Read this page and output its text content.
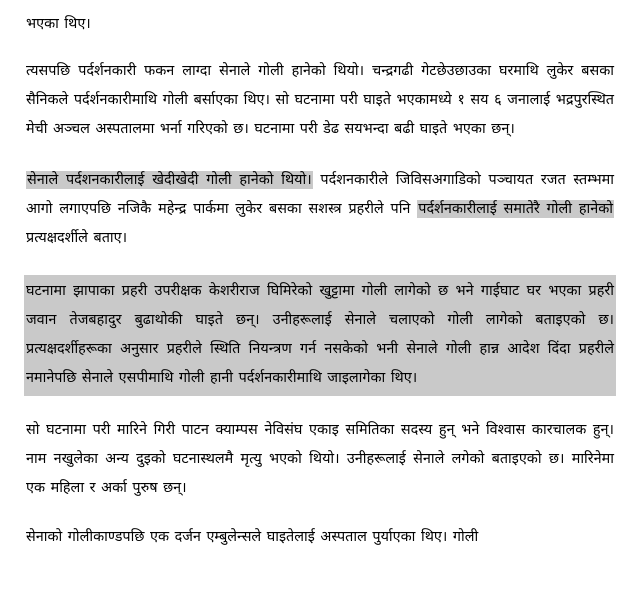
भएका थिए।

त्यसपछि पर्दर्शनकारी फकन लाग्दा सेनाले गोली हानेको थियो। चन्द्रगढी गेटछेउछाउका घरमाथि लुकेर बसका सैनिकले पर्दर्शनकारीमाथि गोली बर्साएका थिए। सो घटनामा परी घाइते भएकामध्ये १ सय ६ जनालाई भद्रपुरस्थित मेची अञ्चल अस्पतालमा भर्ना गरिएको छ। घटनामा परी डेढ सयभन्दा बढी घाइते भएका छन्।

सेनाले पर्दशनकारीलाई खेदीखेदी गोली हानेको थियो। पर्दशनकारीले जिविसअगाडिको पञ्चायत रजत स्तम्भमा आगो लगाएपछि नजिकै महेन्द्र पार्कमा लुकेर बसका सशस्त्र प्रहरीले पनि पर्दर्शनकारीलाई समातेरै गोली हानेको प्रत्यक्षदर्शीले बताए।

घटनामा झापाका प्रहरी उपरीक्षक केशरीराज घिमिरेको खुट्टामा गोली लागेको छ भने गाईघाट घर भएका प्रहरी जवान तेजबहादुर बुढाथोकी घाइते छन्। उनीहरूलाई सेनाले चलाएको गोली लागेको बताइएको छ। प्रत्यक्षदर्शीहरूका अनुसार प्रहरीले स्थिति नियन्त्रण गर्न नसकेको भनी सेनाले गोली हान्न आदेश दिंदा प्रहरीले नमानेपछि सेनाले एसपीमाथि गोली हानी पर्दर्शनकारीमाथि जाइलागेका थिए।

सो घटनामा परी मारिने गिरी पाटन क्याम्पस नेविसंघ एकाइ समितिका सदस्य हुन् भने विश्वास कारचालक हुन्। नाम नखुलेका अन्य दुइको घटनास्थलमै मृत्यु भएको थियो। उनीहरूलाई सेनाले लगेको बताइएको छ। मारिनेमा एक महिला र अर्का पुरुष छन्।

सेनाको गोलीकाण्डपछि एक दर्जन एम्बुलेन्सले घाइतेलाई अस्पताल पुर्याएका थिए। गोली
